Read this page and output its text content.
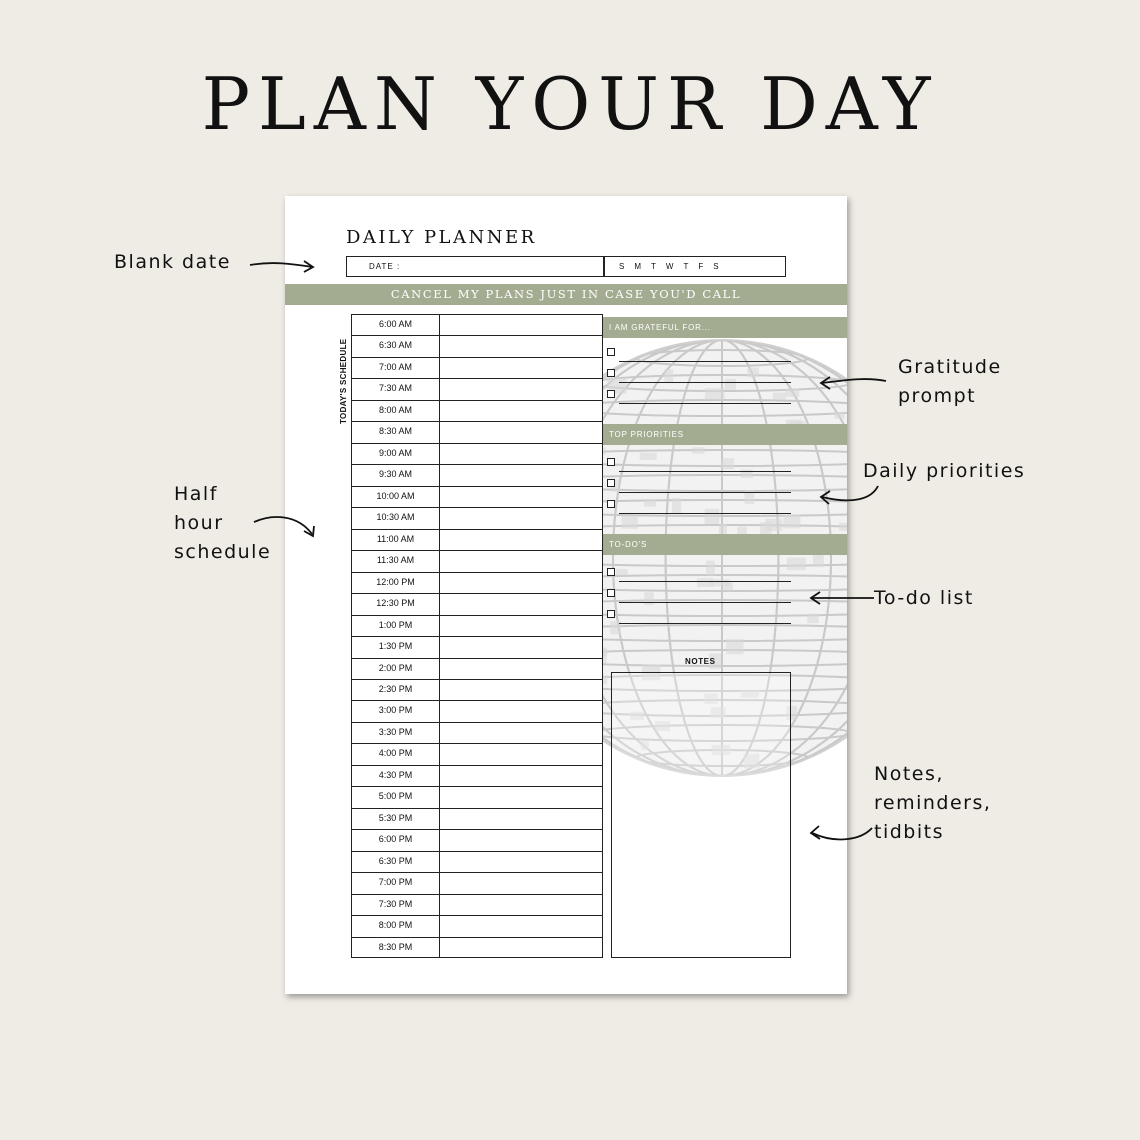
PLAN YOUR DAY
DAILY PLANNER
DATE :	S M T W T F S
CANCEL MY PLANS JUST IN CASE YOU'D CALL
TODAY'S SCHEDULE
6:00 AM
6:30 AM
7:00 AM
7:30 AM
8:00 AM
8:30 AM
9:00 AM
9:30 AM
10:00 AM
10:30 AM
11:00 AM
11:30 AM
12:00 PM
12:30 PM
1:00 PM
1:30 PM
2:00 PM
2:30 PM
3:00 PM
3:30 PM
4:00 PM
4:30 PM
5:00 PM
5:30 PM
6:00 PM
6:30 PM
7:00 PM
7:30 PM
8:00 PM
8:30 PM
I AM GRATEFUL FOR...
TOP PRIORITIES
TO-DO'S
NOTES
Blank date
Half
hour
schedule
Gratitude
prompt
Daily priorities
To-do list
Notes,
reminders,
tidbits
